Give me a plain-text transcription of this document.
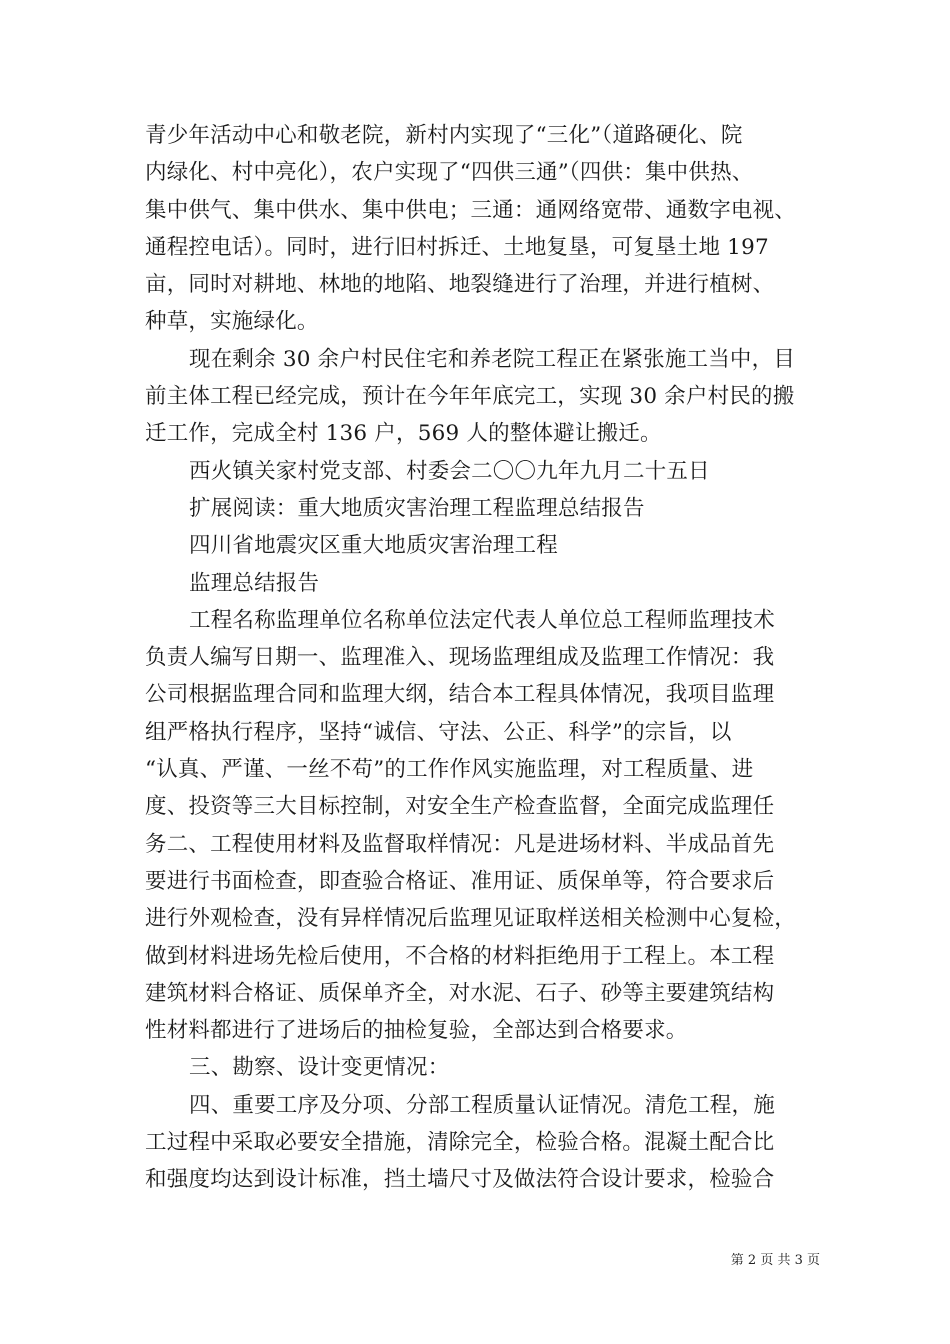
青少年活动中心和敬老院，新村内实现了“三化”（道路硬化、院
内绿化、村中亮化），农户实现了“四供三通”（四供：集中供热、
集中供气、集中供水、集中供电；三通：通网络宽带、通数字电视、
通程控电话）。同时，进行旧村拆迁、土地复垦，可复垦土地 197
亩，同时对耕地、林地的地陷、地裂缝进行了治理，并进行植树、
种草，实施绿化。
现在剩余 30 余户村民住宅和养老院工程正在紧张施工当中，目
前主体工程已经完成，预计在今年年底完工，实现 30 余户村民的搬
迁工作，完成全村 136 户，569 人的整体避让搬迁。
西火镇关家村党支部、村委会二〇〇九年九月二十五日
扩展阅读：重大地质灾害治理工程监理总结报告
四川省地震灾区重大地质灾害治理工程
监理总结报告
工程名称监理单位名称单位法定代表人单位总工程师监理技术
负责人编写日期一、监理准入、现场监理组成及监理工作情况：我
公司根据监理合同和监理大纲，结合本工程具体情况，我项目监理
组严格执行程序，坚持“诚信、守法、公正、科学”的宗旨，以
“认真、严谨、一丝不苟”的工作作风实施监理，对工程质量、进
度、投资等三大目标控制，对安全生产检查监督，全面完成监理任
务二、工程使用材料及监督取样情况：凡是进场材料、半成品首先
要进行书面检查，即查验合格证、准用证、质保单等，符合要求后
进行外观检查，没有异样情况后监理见证取样送相关检测中心复检，
做到材料进场先检后使用，不合格的材料拒绝用于工程上。本工程
建筑材料合格证、质保单齐全，对水泥、石子、砂等主要建筑结构
性材料都进行了进场后的抽检复验，全部达到合格要求。
三、勘察、设计变更情况：
四、重要工序及分项、分部工程质量认证情况。清危工程，施
工过程中采取必要安全措施，清除完全，检验合格。混凝土配合比
和强度均达到设计标准，挡土墙尺寸及做法符合设计要求，检验合
第 2 页 共 3 页
